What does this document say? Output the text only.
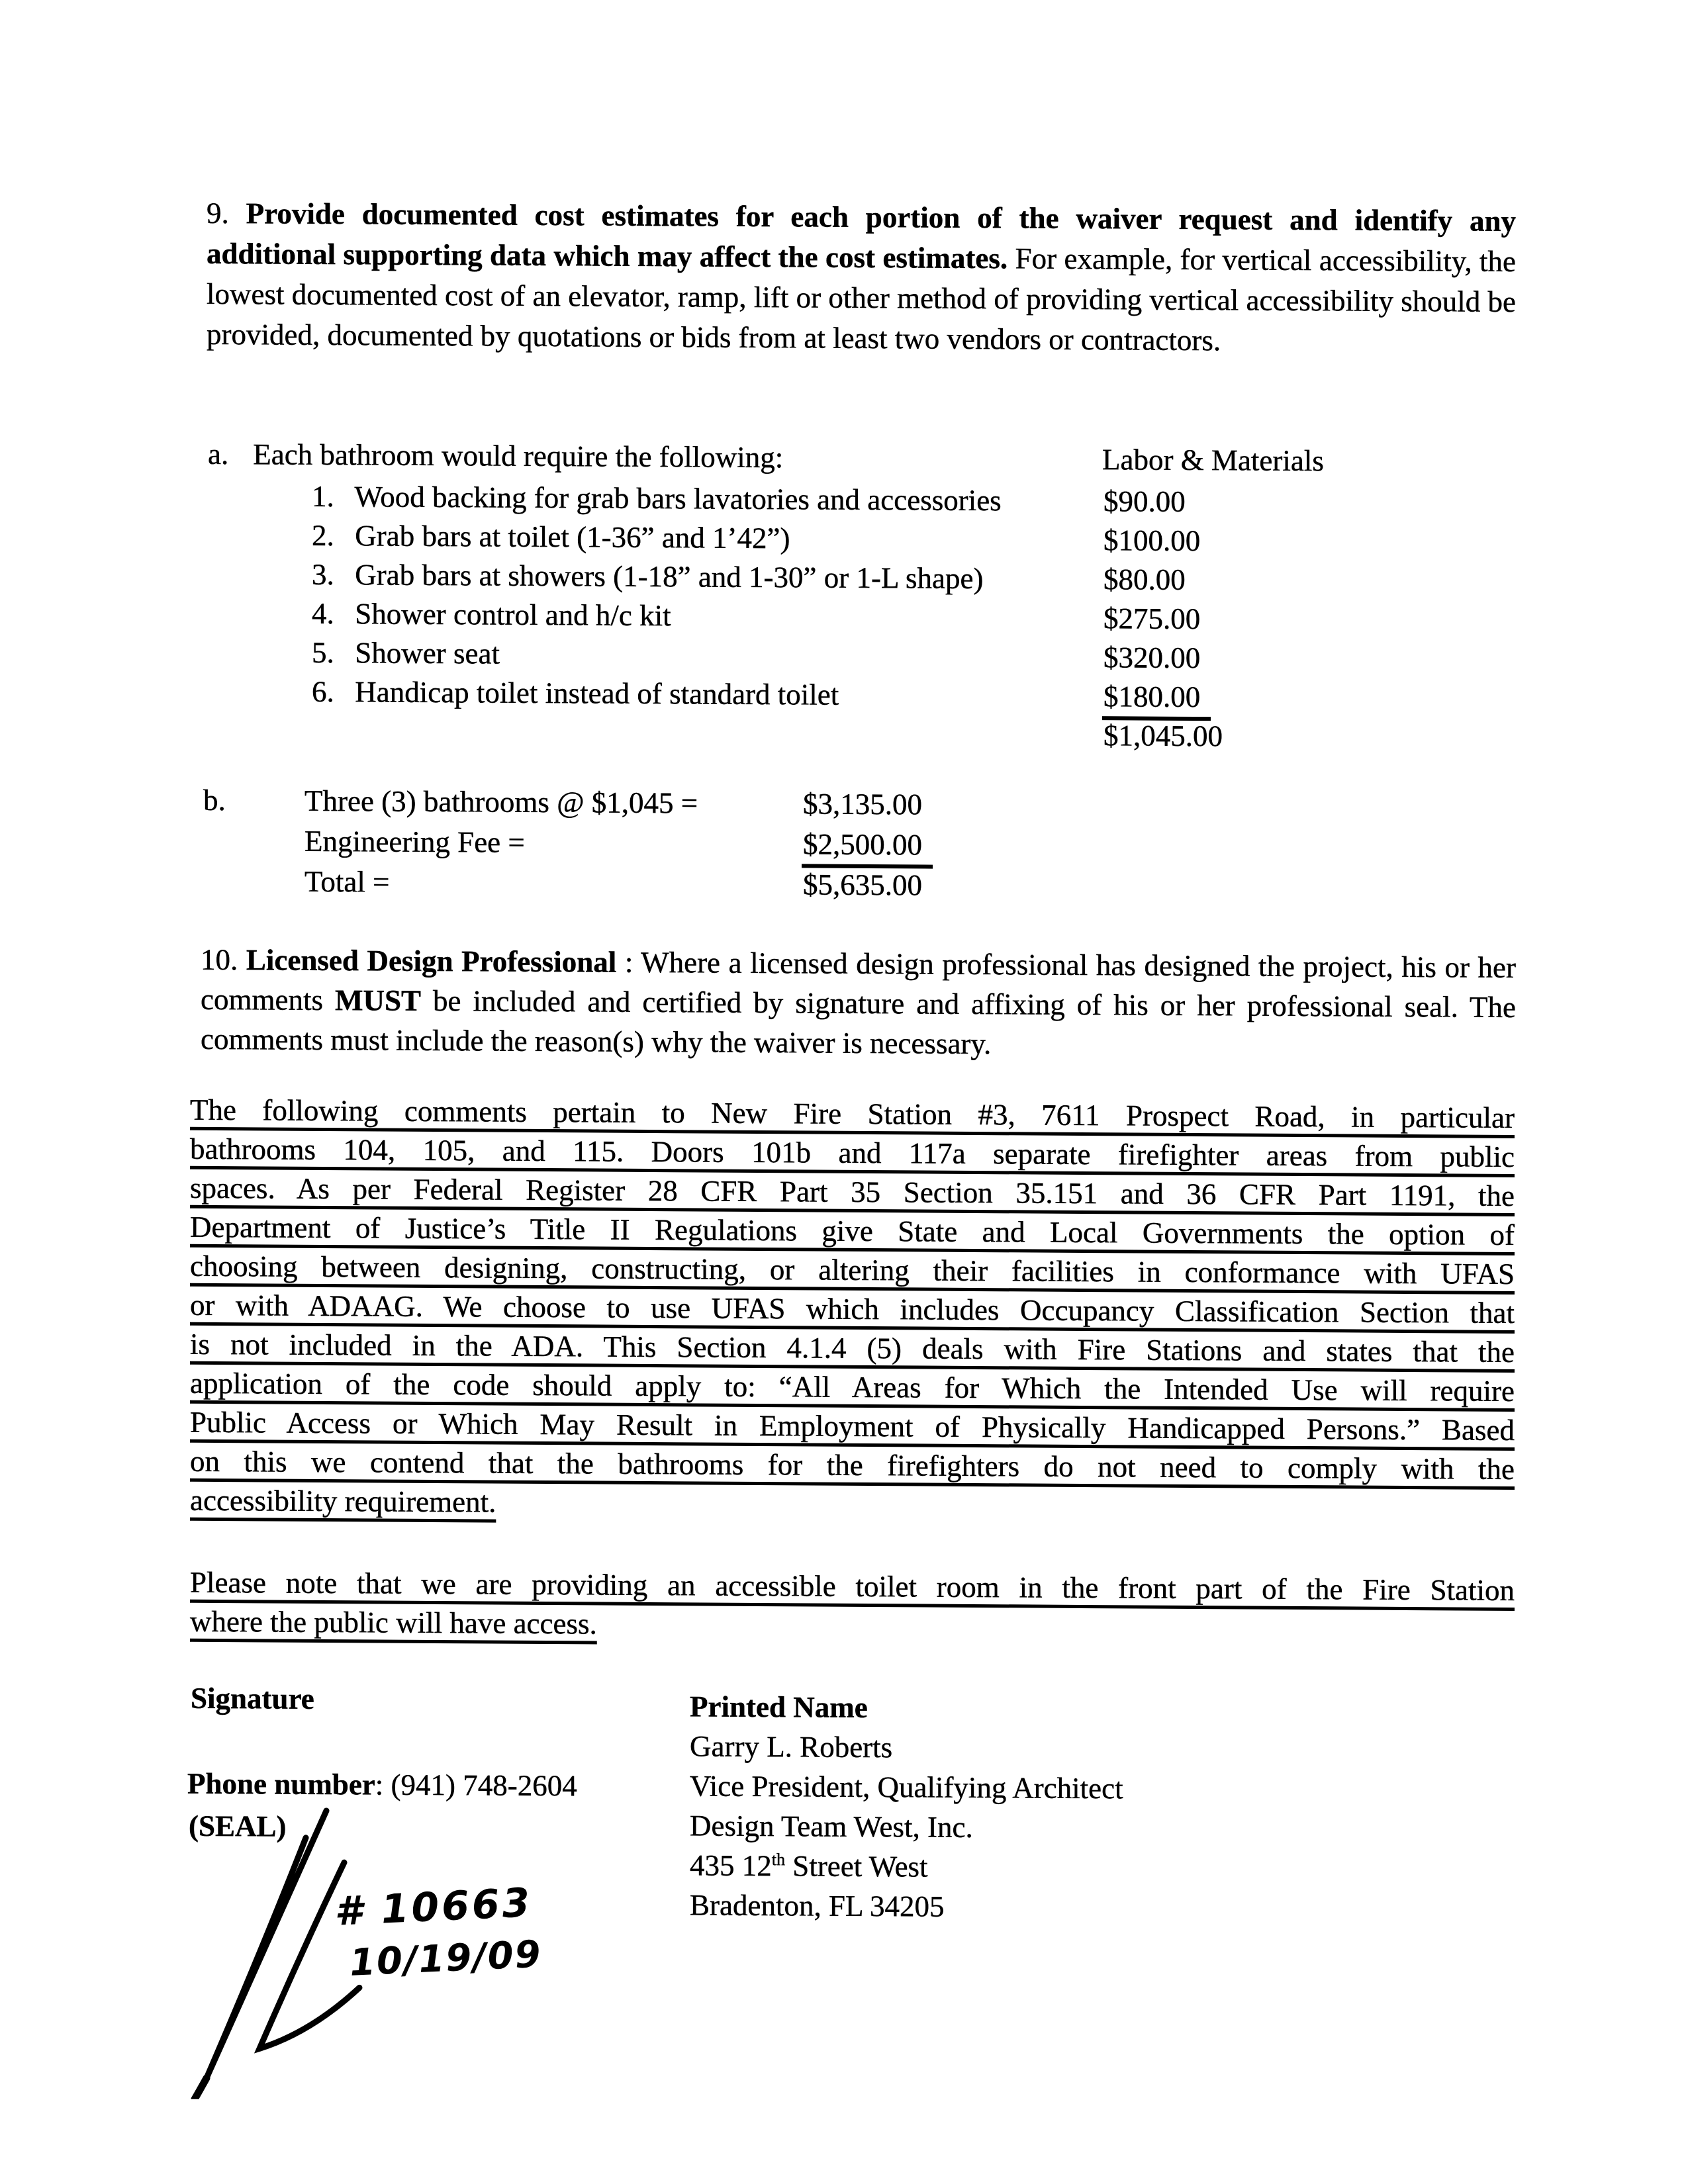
9. Provide documented cost estimates for each portion of the waiver request and identify any additional supporting data which may affect the cost estimates. For example, for vertical accessibility, the lowest documented cost of an elevator, ramp, lift or other method of providing vertical accessibility should be provided, documented by quotations or bids from at least two vendors or contractors.

a. Each bathroom would require the following:	Labor & Materials
1. Wood backing for grab bars lavatories and accessories	$90.00
2. Grab bars at toilet (1-36” and 1’42”)	$100.00
3. Grab bars at showers (1-18” and 1-30” or 1-L shape)	$80.00
4. Shower control and h/c kit	$275.00
5. Shower seat	$320.00
6. Handicap toilet instead of standard toilet	$180.00
$1,045.00
b.	Three (3) bathrooms @ $1,045 =	$3,135.00
Engineering Fee =	$2,500.00
Total =	$5,635.00

10. Licensed Design Professional : Where a licensed design professional has designed the project, his or her comments MUST be included and certified by signature and affixing of his or her professional seal. The comments must include the reason(s) why the waiver is necessary.

The following comments pertain to New Fire Station #3, 7611 Prospect Road, in particular
bathrooms 104, 105, and 115. Doors 101b and 117a separate firefighter areas from public
spaces. As per Federal Register 28 CFR Part 35 Section 35.151 and 36 CFR Part 1191, the
Department of Justice’s Title II Regulations give State and Local Governments the option of
choosing between designing, constructing, or altering their facilities in conformance with UFAS
or with ADAAG. We choose to use UFAS which includes Occupancy Classification Section that
is not included in the ADA. This Section 4.1.4 (5) deals with Fire Stations and states that the
application of the code should apply to: “All Areas for Which the Intended Use will require
Public Access or Which May Result in Employment of Physically Handicapped Persons.” Based
on this we contend that the bathrooms for the firefighters do not need to comply with the
accessibility requirement.
Please note that we are providing an accessible toilet room in the front part of the Fire Station
where the public will have access.
Signature
Phone number: (941) 748-2604
(SEAL)
# 10663
10/19/09
Printed Name
Garry L. Roberts
Vice President, Qualifying Architect
Design Team West, Inc.
435 12th Street West
Bradenton, FL 34205
